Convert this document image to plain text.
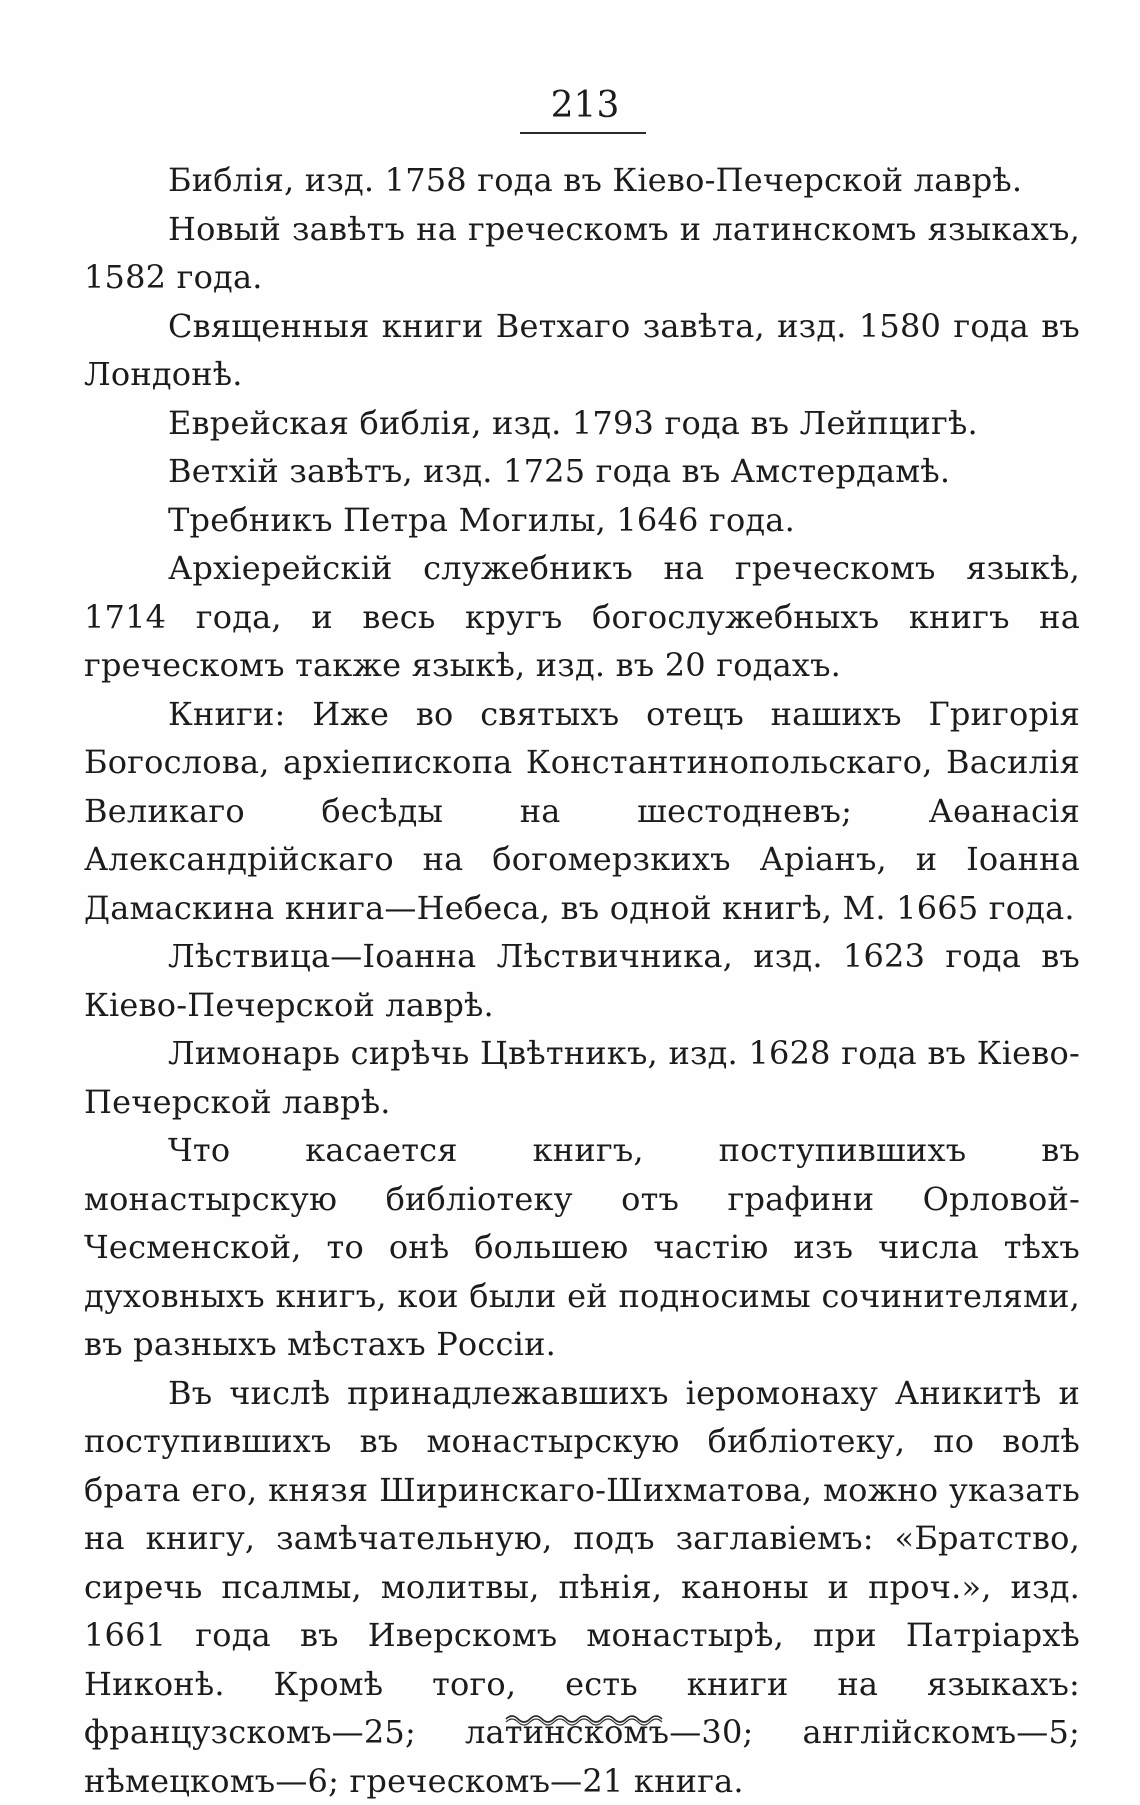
213

Библія, изд. 1758 года въ Кіево-Печерской лаврѣ.

Новый завѣтъ на греческомъ и латинскомъ языкахъ, 1582 года.

Священныя книги Ветхаго завѣта, изд. 1580 года въ Лондонѣ.

Еврейская библія, изд. 1793 года въ Лейпцигѣ.

Ветхій завѣтъ, изд. 1725 года въ Амстердамѣ.

Требникъ Петра Могилы, 1646 года.

Архіерейскій служебникъ на греческомъ языкѣ, 1714 года, и весь кругъ богослужебныхъ книгъ на греческомъ также языкѣ, изд. въ 20 годахъ.

Книги: Иже во святыхъ отецъ нашихъ Григорія Богослова, архіепископа Константинопольскаго, Василія Великаго бесѣды на шестодневъ; Аѳанасія Александрійскаго на богомерзкихъ Аріанъ, и Іоанна Дамаскина книга—Небеса, въ одной книгѣ, М. 1665 года.

Лѣствица—Іоанна Лѣствичника, изд. 1623 года въ Кіево-Печерской лаврѣ.

Лимонарь сирѣчь Цвѣтникъ, изд. 1628 года въ Кіево-Печерской лаврѣ.

Что касается книгъ, поступившихъ въ монастырскую библіотеку отъ графини Орловой-Чесменской, то онѣ большею частію изъ числа тѣхъ духовныхъ книгъ, кои были ей подносимы сочинителями, въ разныхъ мѣстахъ Россіи.

Въ числѣ принадлежавшихъ іеромонаху Аникитѣ и поступившихъ въ монастырскую библіотеку, по волѣ брата его, князя Ширинскаго-Шихматова, можно указать на книгу, замѣчательную, подъ заглавіемъ: «Братство, сиречь псалмы, молитвы, пѣнія, каноны и проч.», изд. 1661 года въ Иверскомъ монастырѣ, при Патріархѣ Никонѣ. Кромѣ того, есть книги на языкахъ: французскомъ—25; латинскомъ—30; англійскомъ—5; нѣмецкомъ—6; греческомъ—21 книга.
